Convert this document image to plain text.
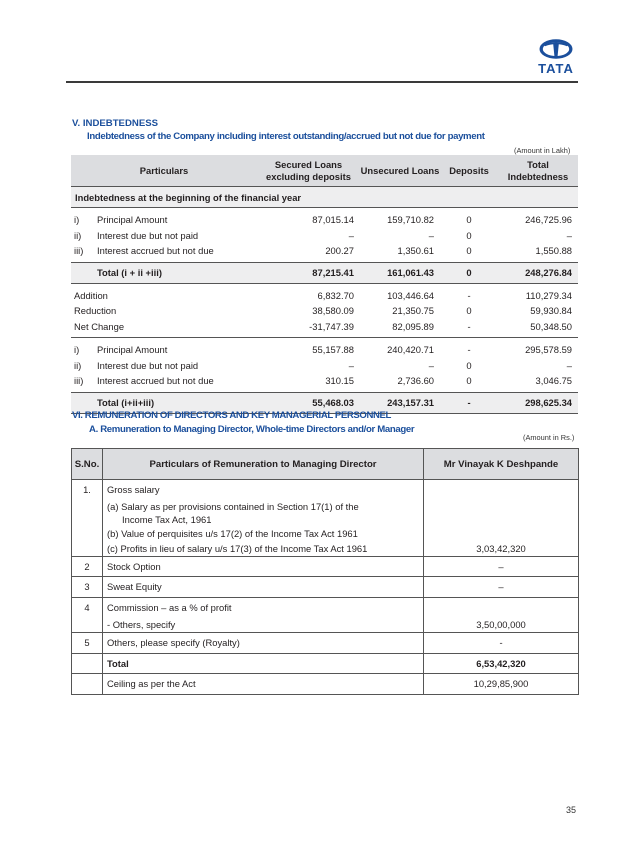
TATA
V. INDEBTEDNESS
Indebtedness of the Company including interest outstanding/accrued but not due for payment
(Amount in Lakh)
Particulars		Secured Loans excluding deposits	Unsecured Loans	Deposits	Total Indebtedness
Indebtedness at the beginning of the financial year					
i)	Principal Amount	87,015.14	159,710.82	0	246,725.96
ii)	Interest due but not paid	–	–	0	–
iii)	Interest accrued but not due	200.27	1,350.61	0	1,550.88
	Total (i + ii +iii)	87,215.41	161,061.43	0	248,276.84
Addition		6,832.70	103,446.64	-	110,279.34
Reduction		38,580.09	21,350.75	0	59,930.84
Net Change		-31,747.39	82,095.89	-	50,348.50
i)	Principal Amount	55,157.88	240,420.71	-	295,578.59
ii)	Interest due but not paid	–	–	0	–
iii)	Interest accrued but not due	310.15	2,736.60	0	3,046.75
	Total (i+ii+iii)	55,468.03	243,157.31	-	298,625.34
VI. REMUNERATION OF DIRECTORS AND KEY MANAGERIAL PERSONNEL
A. Remuneration to Managing Director, Whole-time Directors and/or Manager
(Amount in Rs.)
S.No.	Particulars of Remuneration to Managing Director	Mr Vinayak K Deshpande
1.	Gross salary	
	(a) Salary as per provisions contained in Section 17(1) of the	
	Income Tax Act, 1961	
	(b) Value of perquisites u/s 17(2) of the Income Tax Act 1961	
	(c) Profits in lieu of salary u/s 17(3) of the Income Tax Act 1961	3,03,42,320
2	Stock Option	–
3	Sweat Equity	–
4	Commission – as a % of profit	
	- Others, specify	3,50,00,000
5	Others, please specify (Royalty)	-
	Total	6,53,42,320
	Ceiling as per the Act	10,29,85,900
35
